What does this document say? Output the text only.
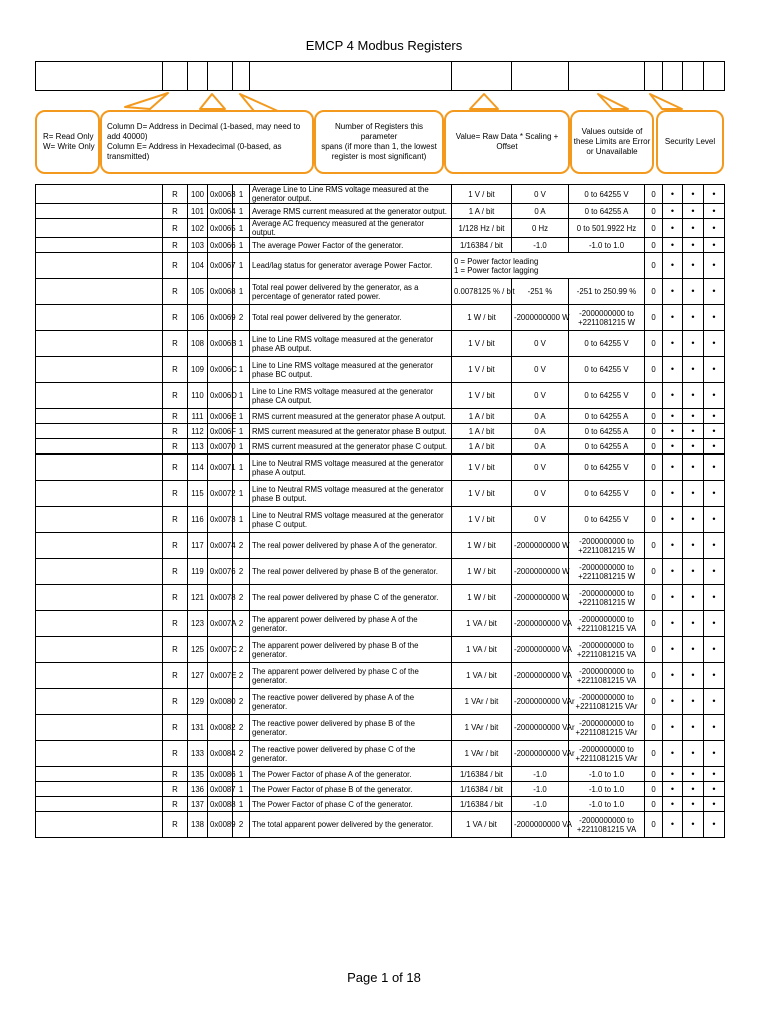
EMCP 4 Modbus Registers

R= Read Only
W= Write Only
Column D= Address in Decimal (1-based, may need to add 40000)
Column E= Address in Hexadecimal (0-based, as transmitted)
Number of Registers this parameter
spans (if more than 1, the lowest
register is most significant)
Value= Raw Data * Scaling + Offset
Values outside of
these Limits are Error
or Unavailable
Security Level
	R	100	0x0063	1	Average Line to Line RMS voltage measured at the generator output.	1 V / bit	0 V	0 to 64255 V	0	•	•	•
	R	101	0x0064	1	Average RMS current measured at the generator output.	1 A / bit	0 A	0 to 64255 A	0	•	•	•
	R	102	0x0065	1	Average AC frequency measured at the generator output.	1/128 Hz / bit	0 Hz	0 to 501.9922 Hz	0	•	•	•
	R	103	0x0066	1	The average Power Factor of the generator.	1/16384 / bit	-1.0	-1.0 to 1.0	0	•	•	•
	R	104	0x0067	1	Lead/lag status for generator average Power Factor.	0 = Power factor leading
1 = Power factor lagging			0	•	•	•
	R	105	0x0068	1	Total real power delivered by the generator, as a percentage of generator rated power.	0.0078125 % / bit	-251 %	-251 to 250.99 %	0	•	•	•
	R	106	0x0069	2	Total real power delivered by the generator.	1 W / bit	-2000000000 W	-2000000000 to +2211081215 W	0	•	•	•
	R	108	0x006B	1	Line to Line RMS voltage measured at the generator phase AB output.	1 V / bit	0 V	0 to 64255 V	0	•	•	•
	R	109	0x006C	1	Line to Line RMS voltage measured at the generator phase BC output.	1 V / bit	0 V	0 to 64255 V	0	•	•	•
	R	110	0x006D	1	Line to Line RMS voltage measured at the generator phase CA output.	1 V / bit	0 V	0 to 64255 V	0	•	•	•
	R	111	0x006E	1	RMS current measured at the generator phase A output.	1 A / bit	0 A	0 to 64255 A	0	•	•	•
	R	112	0x006F	1	RMS current measured at the generator phase B output.	1 A / bit	0 A	0 to 64255 A	0	•	•	•
	R	113	0x0070	1	RMS current measured at the generator phase C output.	1 A / bit	0 A	0 to 64255 A	0	•	•	•
	R	114	0x0071	1	Line to Neutral RMS voltage measured at the generator phase A output.	1 V / bit	0 V	0 to 64255 V	0	•	•	•
	R	115	0x0072	1	Line to Neutral RMS voltage measured at the generator phase B output.	1 V / bit	0 V	0 to 64255 V	0	•	•	•
	R	116	0x0073	1	Line to Neutral RMS voltage measured at the generator phase C output.	1 V / bit	0 V	0 to 64255 V	0	•	•	•
	R	117	0x0074	2	The real power delivered by phase A of the generator.	1 W / bit	-2000000000 W	-2000000000 to +2211081215 W	0	•	•	•
	R	119	0x0076	2	The real power delivered by phase B of the generator.	1 W / bit	-2000000000 W	-2000000000 to +2211081215 W	0	•	•	•
	R	121	0x0078	2	The real power delivered by phase C of the generator.	1 W / bit	-2000000000 W	-2000000000 to +2211081215 W	0	•	•	•
	R	123	0x007A	2	The apparent power delivered by phase A of the generator.	1 VA / bit	-2000000000 VA	-2000000000 to +2211081215 VA	0	•	•	•
	R	125	0x007C	2	The apparent power delivered by phase B of the generator.	1 VA / bit	-2000000000 VA	-2000000000 to +2211081215 VA	0	•	•	•
	R	127	0x007E	2	The apparent power delivered by phase C of the generator.	1 VA / bit	-2000000000 VA	-2000000000 to +2211081215 VA	0	•	•	•
	R	129	0x0080	2	The reactive power delivered by phase A of the generator.	1 VAr / bit	-2000000000 VAr	-2000000000 to +2211081215 VAr	0	•	•	•
	R	131	0x0082	2	The reactive power delivered by phase B of the generator.	1 VAr / bit	-2000000000 VAr	-2000000000 to +2211081215 VAr	0	•	•	•
	R	133	0x0084	2	The reactive power delivered by phase C of the generator.	1 VAr / bit	-2000000000 VAr	-2000000000 to +2211081215 VAr	0	•	•	•
	R	135	0x0086	1	The Power Factor of phase A of the generator.	1/16384 / bit	-1.0	-1.0 to 1.0	0	•	•	•
	R	136	0x0087	1	The Power Factor of phase B of the generator.	1/16384 / bit	-1.0	-1.0 to 1.0	0	•	•	•
	R	137	0x0088	1	The Power Factor of phase C of the generator.	1/16384 / bit	-1.0	-1.0 to 1.0	0	•	•	•
	R	138	0x0089	2	The total apparent power delivered by the generator.	1 VA / bit	-2000000000 VA	-2000000000 to +2211081215 VA	0	•	•	•
Page 1 of 18
